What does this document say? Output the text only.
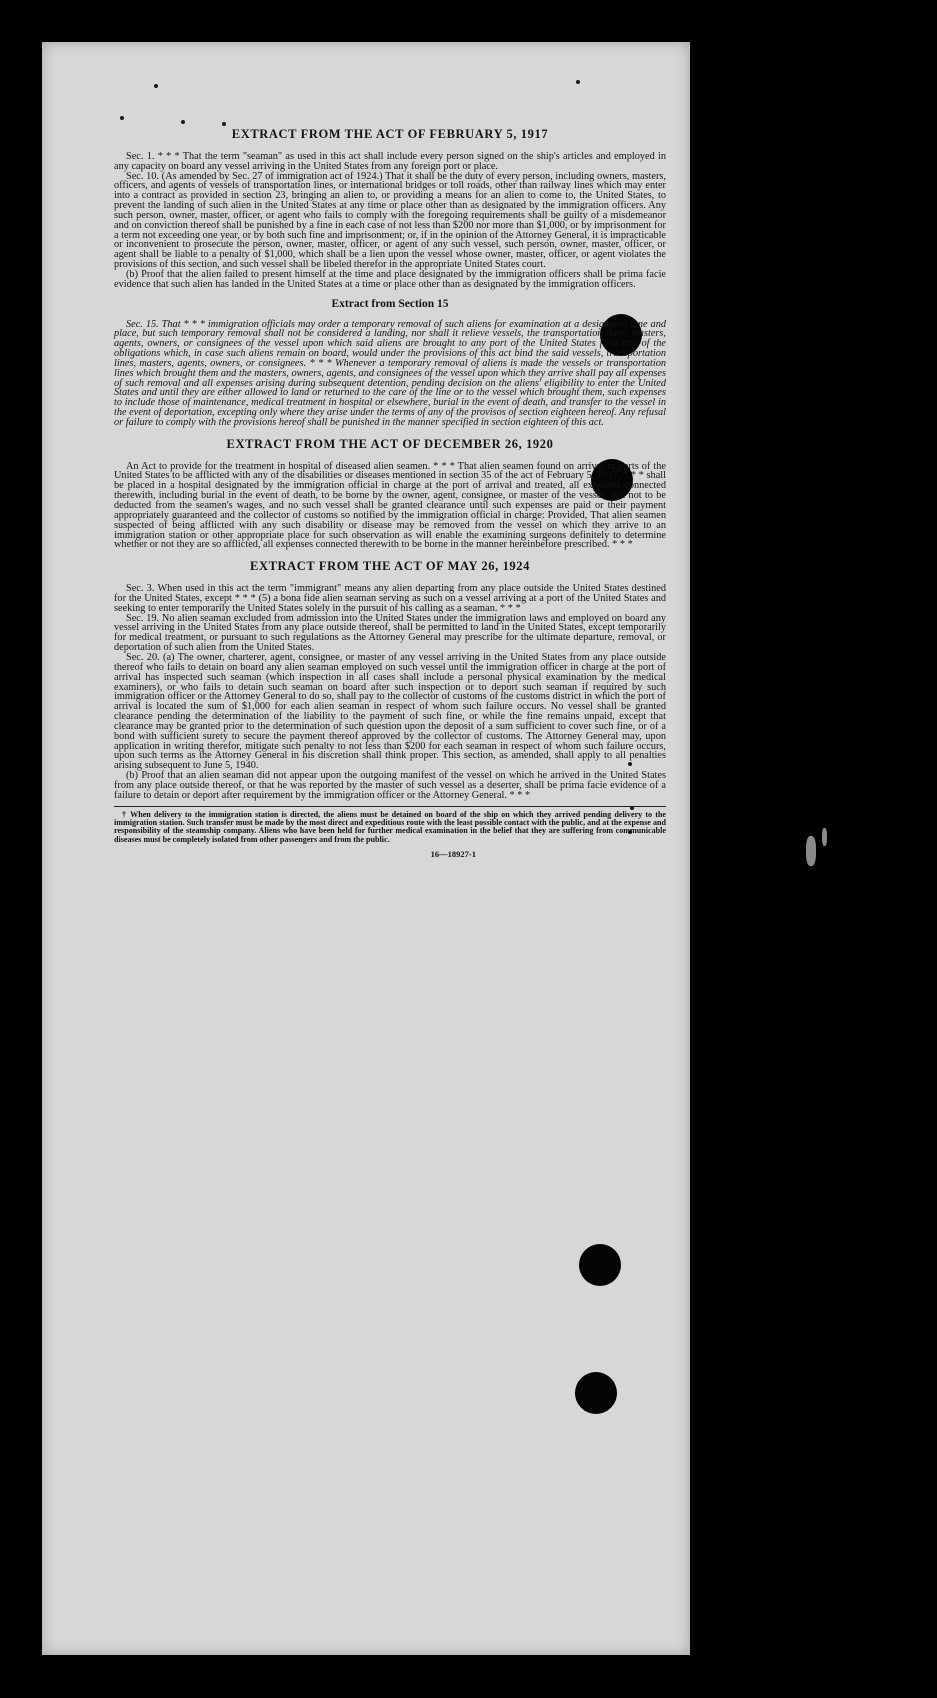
EXTRACT FROM THE ACT OF FEBRUARY 5, 1917

Sec. 1. * * * That the term "seaman" as used in this act shall include every person signed on the ship's articles and employed in any capacity on board any vessel arriving in the United States from any foreign port or place.

Sec. 10. (As amended by Sec. 27 of immigration act of 1924.) That it shall be the duty of every person, including owners, masters, officers, and agents of vessels of transportation lines, or international bridges or toll roads, other than railway lines which may enter into a contract as provided in section 23, bringing an alien to, or providing a means for an alien to come to, the United States, to prevent the landing of such alien in the United States at any time or place other than as designated by the immigration officers. Any such person, owner, master, officer, or agent who fails to comply with the foregoing requirements shall be guilty of a misdemeanor and on conviction thereof shall be punished by a fine in each case of not less than $200 nor more than $1,000, or by imprisonment for a term not exceeding one year, or by both such fine and imprisonment; or, if in the opinion of the Attorney General, it is impracticable or inconvenient to prosecute the person, owner, master, officer, or agent of any such vessel, such person, owner, master, officer, or agent shall be liable to a penalty of $1,000, which shall be a lien upon the vessel whose owner, master, officer, or agent violates the provisions of this section, and such vessel shall be libeled therefor in the appropriate United States court.

(b) Proof that the alien failed to present himself at the time and place designated by the immigration officers shall be prima facie evidence that such alien has landed in the United States at a time or place other than as designated by the immigration officers.

Extract from Section 15

Sec. 15. That * * * immigration officials may order a temporary removal of such aliens for examination at a designated time and place, but such temporary removal shall not be considered a landing, nor shall it relieve vessels, the transportation lines, masters, agents, owners, or consignees of the vessel upon which said aliens are brought to any port of the United States from any of the obligations which, in case such aliens remain on board, would under the provisions of this act bind the said vessels, transportation lines, masters, agents, owners, or consignees. * * * Whenever a temporary removal of aliens is made the vessels or transportation lines which brought them and the masters, owners, agents, and consignees of the vessel upon which they arrive shall pay all expenses of such removal and all expenses arising during subsequent detention, pending decision on the aliens' eligibility to enter the United States and until they are either allowed to land or returned to the care of the line or to the vessel which brought them, such expenses to include those of maintenance, medical treatment in hospital or elsewhere, burial in the event of death, and transfer to the vessel in the event of deportation, excepting only where they arise under the terms of any of the provisos of section eighteen hereof. Any refusal or failure to comply with the provisions hereof shall be punished in the manner specified in section eighteen of this act.

EXTRACT FROM THE ACT OF DECEMBER 26, 1920

An Act to provide for the treatment in hospital of diseased alien seamen. * * * That alien seamen found on arrival in ports of the United States to be afflicted with any of the disabilities or diseases mentioned in section 35 of the act of February 5, 1917, * * * shall be placed in a hospital designated by the immigration official in charge at the port of arrival and treated, all expenses connected therewith, including burial in the event of death, to be borne by the owner, agent, consignee, or master of the vessel, and not to be deducted from the seamen's wages, and no such vessel shall be granted clearance until such expenses are paid or their payment appropriately guaranteed and the collector of customs so notified by the immigration official in charge: Provided, That alien seamen suspected of being afflicted with any such disability or disease may be removed from the vessel on which they arrive to an immigration station or other appropriate place for such observation as will enable the examining surgeons definitely to determine whether or not they are so afflicted, all expenses connected therewith to be borne in the manner hereinbefore prescribed. * * *

EXTRACT FROM THE ACT OF MAY 26, 1924

Sec. 3. When used in this act the term "immigrant" means any alien departing from any place outside the United States destined for the United States, except * * * (5) a bona fide alien seaman serving as such on a vessel arriving at a port of the United States and seeking to enter temporarily the United States solely in the pursuit of his calling as a seaman. * * *

Sec. 19. No alien seaman excluded from admission into the United States under the immigration laws and employed on board any vessel arriving in the United States from any place outside thereof, shall be permitted to land in the United States, except temporarily for medical treatment, or pursuant to such regulations as the Attorney General may prescribe for the ultimate departure, removal, or deportation of such alien from the United States.

Sec. 20. (a) The owner, charterer, agent, consignee, or master of any vessel arriving in the United States from any place outside thereof who fails to detain on board any alien seaman employed on such vessel until the immigration officer in charge at the port of arrival has inspected such seaman (which inspection in all cases shall include a personal physical examination by the medical examiners), or who fails to detain such seaman on board after such inspection or to deport such seaman if required by such immigration officer or the Attorney General to do so, shall pay to the collector of customs of the customs district in which the port of arrival is located the sum of $1,000 for each alien seaman in respect of whom such failure occurs. No vessel shall be granted clearance pending the determination of the liability to the payment of such fine, or while the fine remains unpaid, except that clearance may be granted prior to the determination of such question upon the deposit of a sum sufficient to cover such fine, or of a bond with sufficient surety to secure the payment thereof approved by the collector of customs. The Attorney General may, upon application in writing therefor, mitigate such penalty to not less than $200 for each seaman in respect of whom such failure occurs, upon such terms as the Attorney General in his discretion shall think proper. This section, as amended, shall apply to all penalties arising subsequent to June 5, 1940.

(b) Proof that an alien seaman did not appear upon the outgoing manifest of the vessel on which he arrived in the United States from any place outside thereof, or that he was reported by the master of such vessel as a deserter, shall be prima facie evidence of a failure to detain or deport after requirement by the immigration officer or the Attorney General. * * *

† When delivery to the immigration station is directed, the aliens must be detained on board of the ship on which they arrived pending delivery to the immigration station. Such transfer must be made by the most direct and expeditious route with the least possible contact with the public, and at the expense and responsibility of the steamship company. Aliens who have been held for further medical examination in the belief that they are suffering from communicable diseases must be completely isolated from other passengers and from the public.

16—18927-1
